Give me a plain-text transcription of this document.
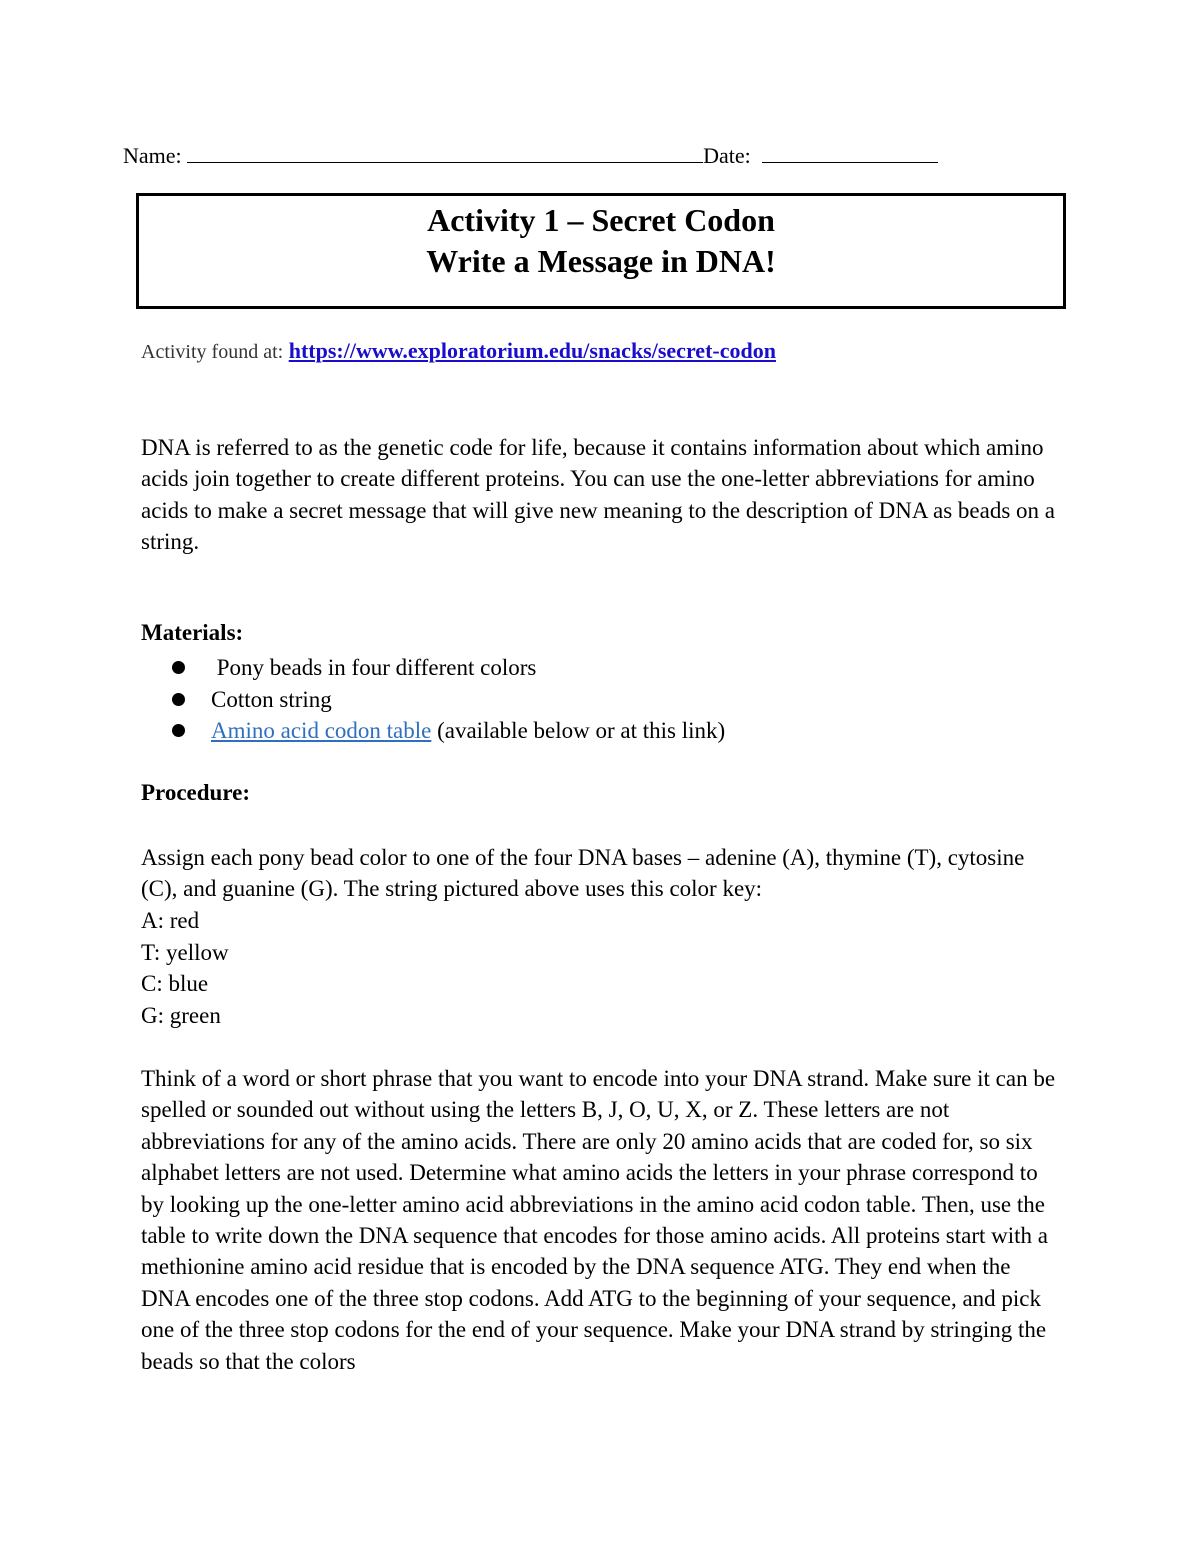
Name:	Date:
Activity 1 – Secret Codon
Write a Message in DNA!
Activity found at: https://www.exploratorium.edu/snacks/secret-codon
DNA is referred to as the genetic code for life, because it contains information about which amino acids join together to create different proteins. You can use the one-letter abbreviations for amino acids to make a secret message that will give new meaning to the description of DNA as beads on a string.
Materials:
Pony beads in four different colors
Cotton string
Amino acid codon table (available below or at this link)
Procedure:
Assign each pony bead color to one of the four DNA bases – adenine (A), thymine (T), cytosine (C), and guanine (G). The string pictured above uses this color key:
A: red
T: yellow
C: blue
G: green
Think of a word or short phrase that you want to encode into your DNA strand. Make sure it can be spelled or sounded out without using the letters B, J, O, U, X, or Z. These letters are not abbreviations for any of the amino acids. There are only 20 amino acids that are coded for, so six alphabet letters are not used. Determine what amino acids the letters in your phrase correspond to by looking up the one-letter amino acid abbreviations in the amino acid codon table. Then, use the table to write down the DNA sequence that encodes for those amino acids. All proteins start with a methionine amino acid residue that is encoded by the DNA sequence ATG. They end when the DNA encodes one of the three stop codons. Add ATG to the beginning of your sequence, and pick one of the three stop codons for the end of your sequence. Make your DNA strand by stringing the beads so that the colors
